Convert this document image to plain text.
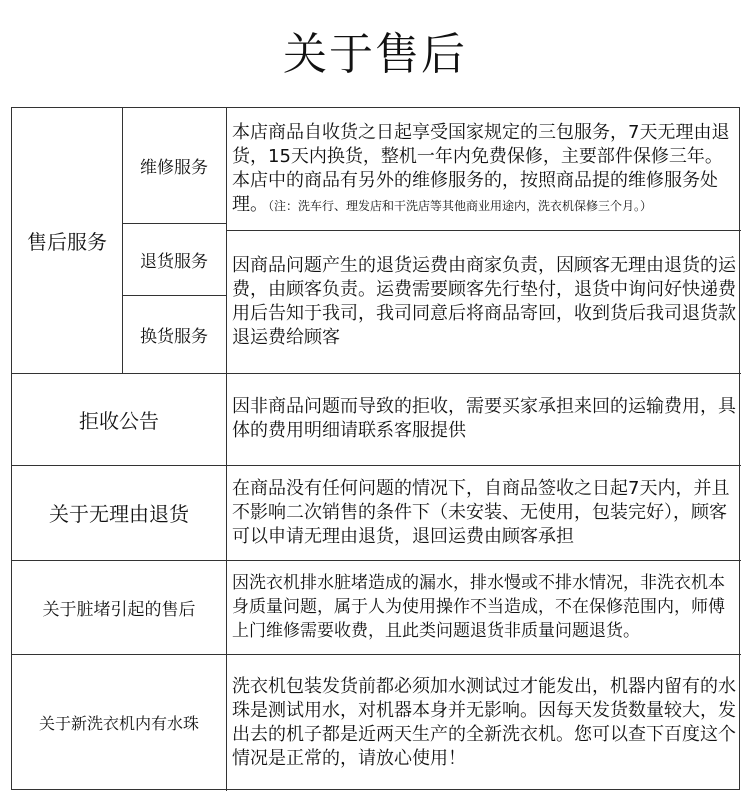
关于售后
售后服务
维修服务
退货服务
换货服务
本店商品自收货之日起享受国家规定的三包服务，7天无理由退货，15天内换货，整机一年内免费保修，主要部件保修三年。本店中的商品有另外的维修服务的，按照商品提的维修服务处理。（注：洗车行、理发店和干洗店等其他商业用途内，洗衣机保修三个月。）
因商品问题产生的退货运费由商家负责，因顾客无理由退货的运费，由顾客负责。运费需要顾客先行垫付，退货中询问好快递费用后告知于我司，我司同意后将商品寄回，收到货后我司退货款退运费给顾客
拒收公告
因非商品问题而导致的拒收，需要买家承担来回的运输费用，具体的费用明细请联系客服提供
关于无理由退货
在商品没有任何问题的情况下，自商品签收之日起7天内，并且不影响二次销售的条件下（未安装、无使用，包装完好），顾客可以申请无理由退货，退回运费由顾客承担
关于脏堵引起的售后
因洗衣机排水脏堵造成的漏水，排水慢或不排水情况，非洗衣机本身质量问题，属于人为使用操作不当造成，不在保修范围内，师傅上门维修需要收费，且此类问题退货非质量问题退货。
关于新洗衣机内有水珠
洗衣机包装发货前都必须加水测试过才能发出，机器内留有的水珠是测试用水，对机器本身并无影响。因每天发货数量较大，发出去的机子都是近两天生产的全新洗衣机。您可以查下百度这个情况是正常的，请放心使用！
